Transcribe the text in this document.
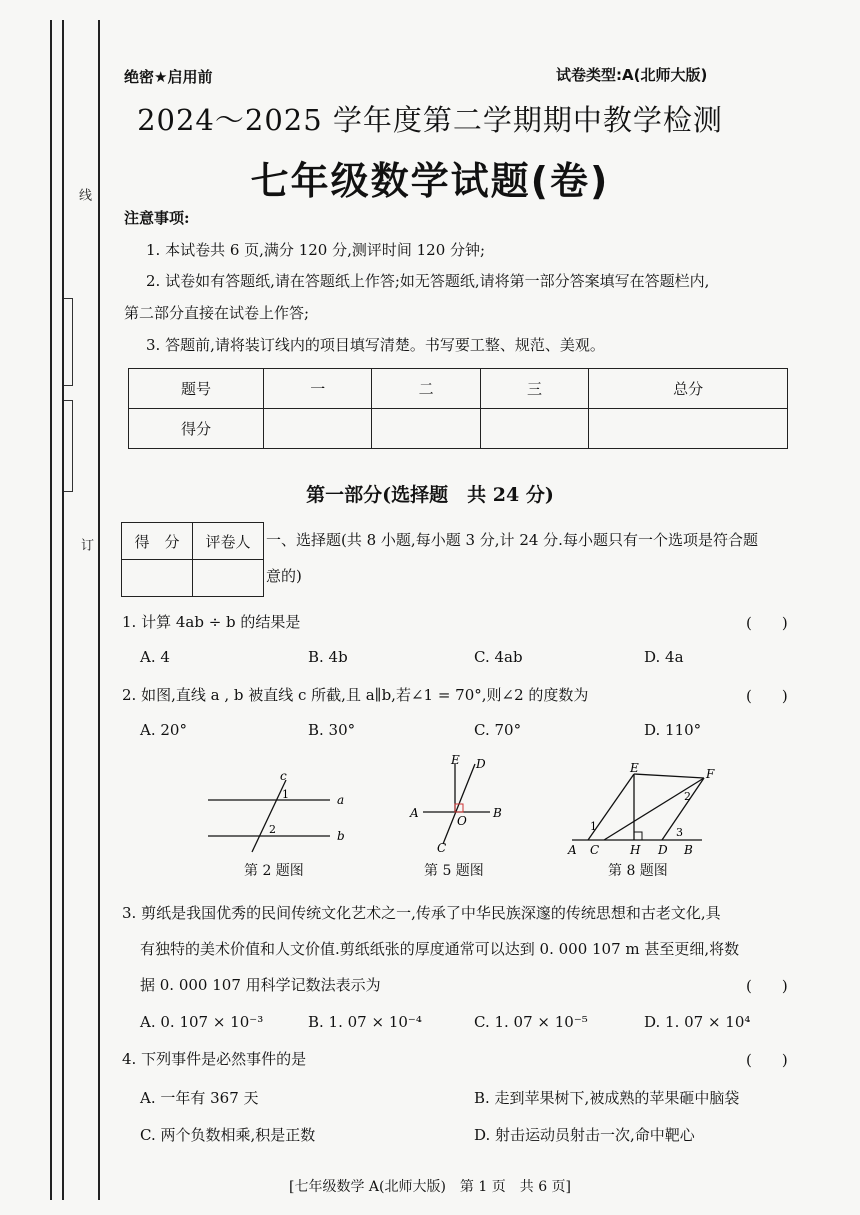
线
订
绝密★启用前	试卷类型:A(北师大版)
2024～2025 学年度第二学期期中教学检测
七年级数学试题(卷)
注意事项:
1. 本试卷共 6 页,满分 120 分,测评时间 120 分钟;
2. 试卷如有答题纸,请在答题纸上作答;如无答题纸,请将第一部分答案填写在答题栏内,
第二部分直接在试卷上作答;
3. 答题前,请将装订线内的项目填写清楚。书写要工整、规范、美观。
题号	一	二	三	总分
得分				
第一部分(选择题　共 24 分)
得　分	评卷人
	一、选择题(共 8 小题,每小题 3 分,计 24 分.每小题只有一个选项是符合题
意的)
1. 计算 4ab ÷ b 的结果是	(　　)
A. 4	B. 4b	C. 4ab	D. 4a
2. 如图,直线 a , b 被直线 c 所截,且 a∥b,若∠1 = 70°,则∠2 的度数为	(　　)
A. 20°	B. 30°	C. 70°	D. 110°
c
1	a
2	b
第 2 题图
E D
A
O
B
C
第 5 题图
E	F
2
1	3
A C	H D B
第 8 题图
3. 剪纸是我国优秀的民间传统文化艺术之一,传承了中华民族深邃的传统思想和古老文化,具
有独特的美术价值和人文价值.剪纸纸张的厚度通常可以达到 0. 000 107 m 甚至更细,将数
据 0. 000 107 用科学记数法表示为	(　　)
A. 0. 107 × 10⁻³	B. 1. 07 × 10⁻⁴	C. 1. 07 × 10⁻⁵	D. 1. 07 × 10⁴
4. 下列事件是必然事件的是	(　　)
A. 一年有 367 天	B. 走到苹果树下,被成熟的苹果砸中脑袋
C. 两个负数相乘,积是正数	D. 射击运动员射击一次,命中靶心
[七年级数学 A(北师大版)　第 1 页　共 6 页]
